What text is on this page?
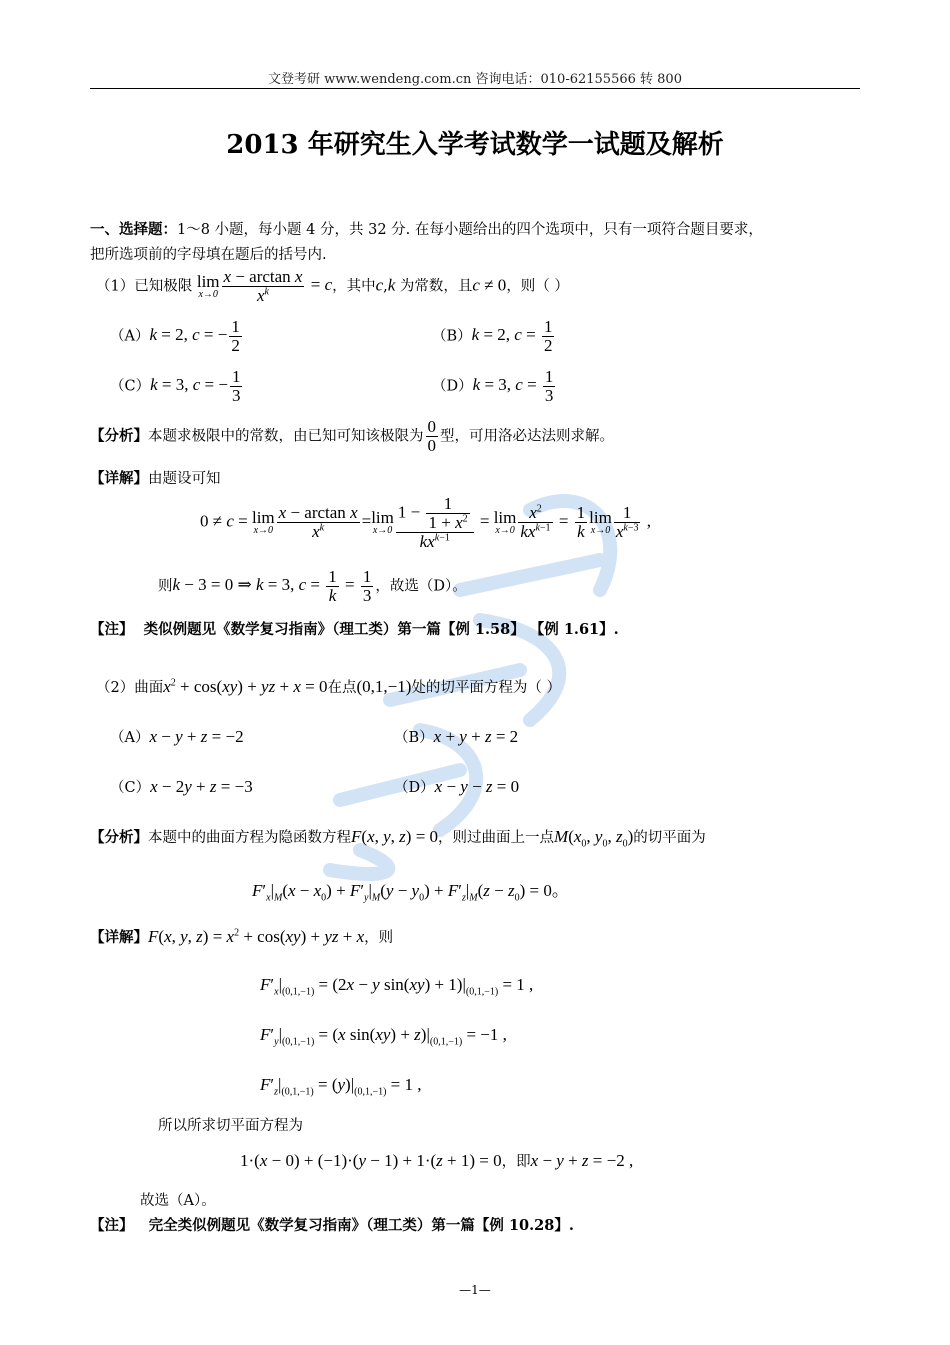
文登考研 www.wendeng.com.cn 咨询电话：010-62155566 转 800
2013 年研究生入学考试数学一试题及解析
一、选择题：1～8 小题，每小题 4 分，共 32 分. 在每小题给出的四个选项中，只有一项符合题目要求，
把所选项前的字母填在题后的括号内.
（1）已知极限 lim
$x\to 0 \frac{\text{x − arctan x}}{x^k} = c$，其中c,k 为常数，且c ≠ 0，则（ ）
（A）k = 2, c = − $\frac{1}{2}$	（B）k = 2, $c = \frac{1}{2}$
（C）k = 3, c = − $\frac{1}{3}$	（D）k = 3, $c = \frac{1}{3}$
【分析】本题求极限中的常数，由已知可知该极限为 $\frac{0}{0}$ 型，可用洛必达法则求解。
【详解】由题设可知
0 ≠ c = lim
$x\to 0 \frac{\text{x − arctan x}}{x^k} =\lim$
$x\to 0 \frac{1 - \frac{1}{1 + x^2}}{kx^{k-1}} = \lim$
$x\to 0 \frac{x^2}{kx^{k-1}} = \frac{1}{k}$ lim
$x\to 0 \frac{1}{x^{k-3}}$ ,
则k − 3 = 0 ⇒ k = 3, $c = \frac{1}{k} = \frac{1}{3}$ ，故选（D）。
【注】 类似例题见《数学复习指南》（理工类）第一篇【例 1.58】 【例 1.61】.
（2）曲面$x^2 + \cos(xy)$ + yz + x = 0在点(0,1,−1)处的切平面方程为（ ）
（A）x − y + z = −2	（B）x + y + z = 2
（C）x − 2y + z = −3	（D）x − y − z = 0
【分析】本题中的曲面方程为隐函数方程F(x, y, z) = 0，则过曲面上一点$M(x_0$, $y_0$, $z_0$)的切平面为
$F'_x|_M(x - x_0) + F'_y|_M(y - y_0) + F'_z|_M(z - z_0) = 0$。
【详解】F(x, y, $z) = x^2 + \cos(xy)$ + yz + x，则
$F'_x|_{(0,1,-1)} = (2x - y$ $\sin(xy) + 1)|_{(0,1,-1)} = 1$ ,
$F'_y|_{(0,1,-1)} = (x$ $\sin(xy) + z)|_{(0,1,-1)} = -1$ ,
$F'_z|_{(0,1,-1)} = (y)|_{(0,1,-1)} = 1$ ,
所以所求切平面方程为
1·(x − 0) + (−1)·(y − 1) + 1·(z + 1) = 0，即x − y + z = −2 ,
故选（A）。
【注】 完全类似例题见《数学复习指南》（理工类）第一篇【例 10.28】.
—1—
